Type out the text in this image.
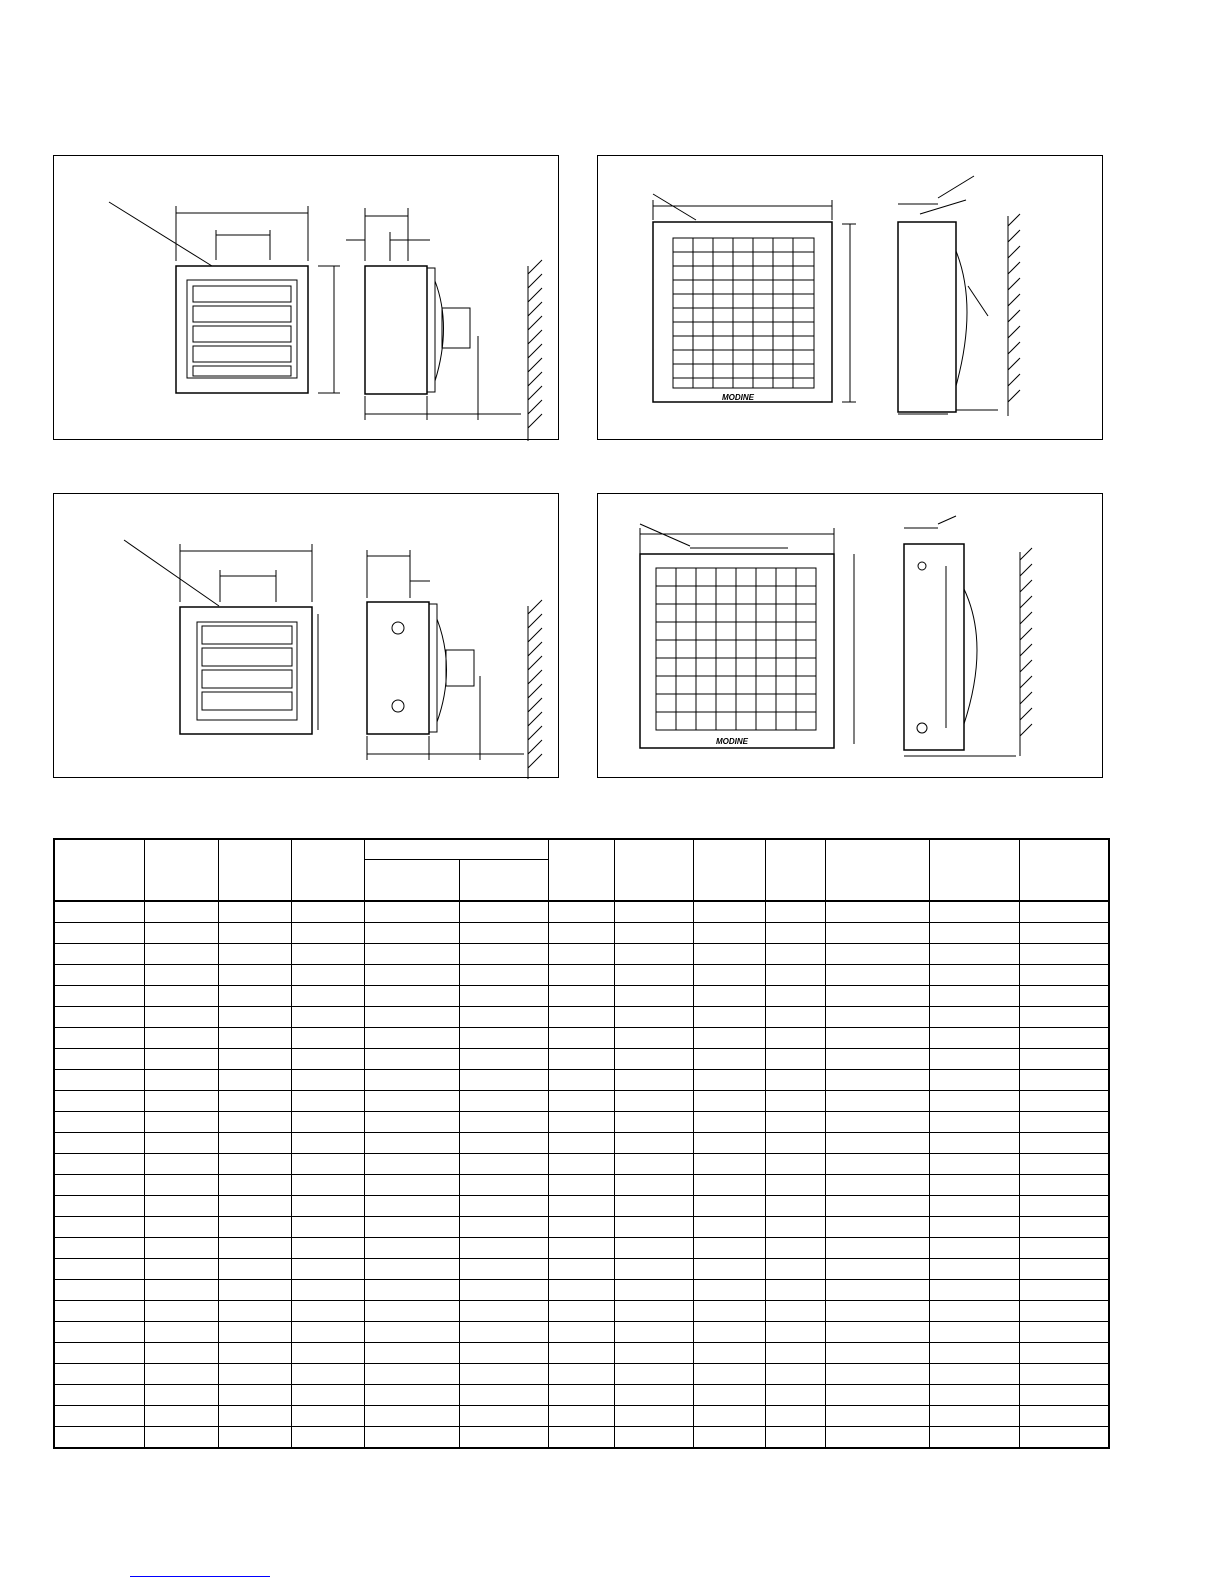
MODINE
MODINE
